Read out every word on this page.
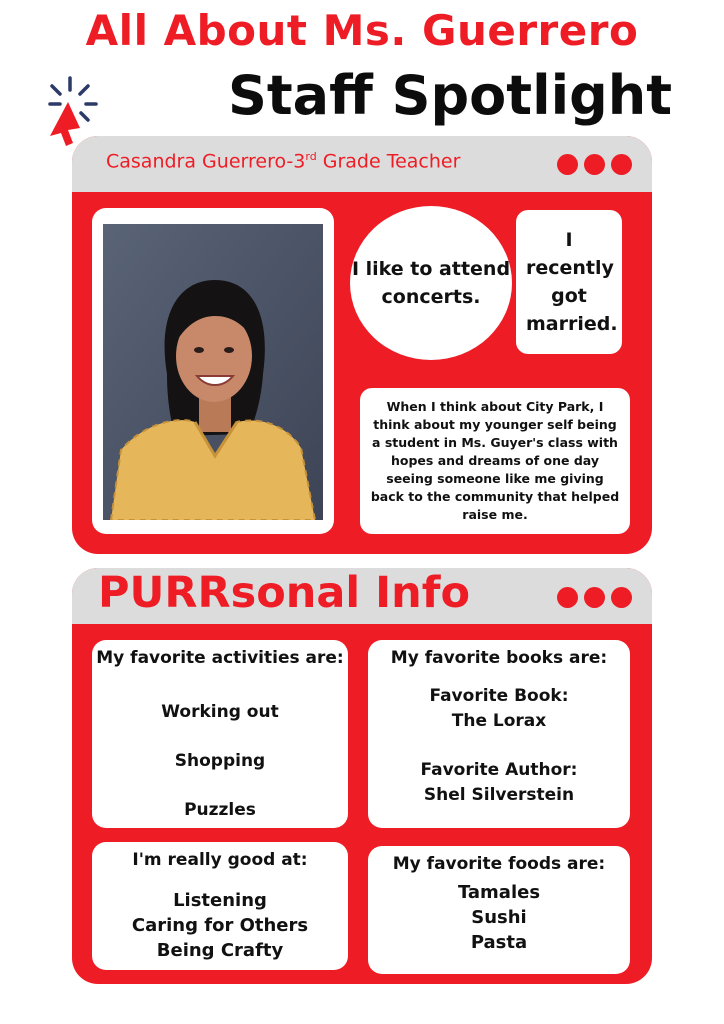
All About Ms. Guerrero
Staff Spotlight
Casandra Guerrero-3rd Grade Teacher
I like to attend concerts.
I recently got married.
When I think about City Park, I think about my younger self being a student in Ms. Guyer's class with hopes and dreams of one day seeing someone like me giving back to the community that helped raise me.
PURRsonal Info
My favorite activities are:
Working out
Shopping
Puzzles
My favorite books are:
Favorite Book:
The Lorax
Favorite Author:
Shel Silverstein
I'm really good at:
Listening
Caring for Others
Being Crafty
My favorite foods are:
Tamales
Sushi
Pasta
